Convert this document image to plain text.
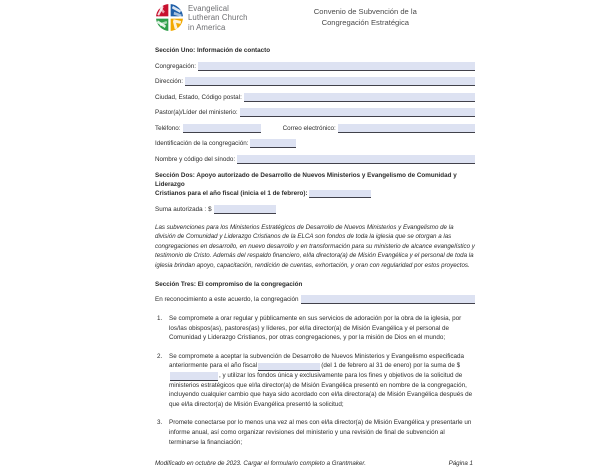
Evangelical
Lutheran Church
in America
Convenio de Subvención de la
Congregación Estratégica
Sección Uno: Información de contacto
Congregación:
Dirección:
Ciudad, Estado, Código postal:
Pastor(a)/Líder del ministerio:
Teléfono:	Correo electrónico:
Identificación de la congregación:
Nombre y código del sínodo:
Sección Dos: Apoyo autorizado de Desarrollo de Nuevos Ministerios y Evangelismo de Comunidad y Liderazgo
Cristianos para el año fiscal (inicia el 1 de febrero):
Suma autorizada : $
Las subvenciones para los Ministerios Estratégicos de Desarrollo de Nuevos Ministerios y Evangelismo de la división de Comunidad y Liderazgo Cristianos de la ELCA son fondos de toda la iglesia que se otorgan a las congregaciones en desarrollo, en nuevo desarrollo y en transformación para su ministerio de alcance evangelístico y testimonio de Cristo. Además del respaldo financiero, el/la directora(a) de Misión Evangélica y el personal de toda la iglesia brindan apoyo, capacitación, rendición de cuentas, exhortación, y oran con regularidad por estos proyectos.
Sección Tres: El compromiso de la congregación
En reconocimiento a este acuerdo, la congregación
1.	Se compromete a orar regular y públicamente en sus servicios de adoración por la obra de la iglesia, por los/las obispos(as), pastores(as) y líderes, por el/la director(a) de Misión Evangélica y el personal de Comunidad y Liderazgo Cristianos, por otras congregaciones, y por la misión de Dios en el mundo;
2.	Se compromete a aceptar la subvención de Desarrollo de Nuevos Ministerios y Evangelismo especificada anteriormente para el año fiscal	(del 1 de febrero al 31 de enero) por la suma de $, y utilizar los fondos única y exclusivamente para los fines y objetivos de la solicitud de ministerios estratégicos que el/la director(a) de Misión Evangélica presentó en nombre de la congregación, incluyendo cualquier cambio que haya sido acordado con el/la directora(a) de Misión Evangélica después de que el/la director(a) de Misión Evangélica presentó la solicitud;
3.	Promete conectarse por lo menos una vez al mes con el/la director(a) de Misión Evangélica y presentarle un informe anual, así como organizar revisiones del ministerio y una revisión de final de subvención al terminarse la financiación;
Modificado en octubre de 2023. Cargar el formulario completo a Grantmaker.	Página 1
